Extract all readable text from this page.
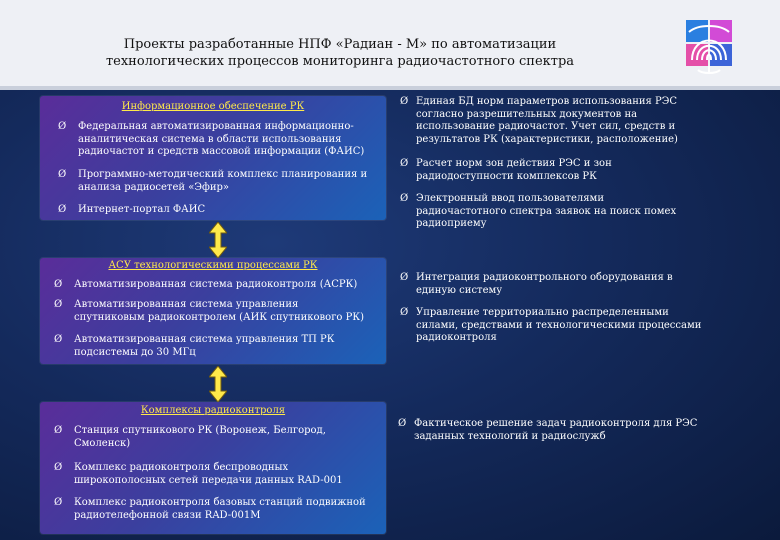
Проекты разработанные НПФ «Радиан - М» по автоматизации
технологических процессов мониторинга радиочастотного спектра
Информационное обеспечение РК
Ø Федеральная автоматизированная информационно-
аналитическая система в области использования
радиочастот и средств массовой информации (ФАИС)
Ø Программно-методический комплекс планирования и
анализа радиосетей «Эфир»
Ø Интернет-портал ФАИС
АСУ технологическими процессами РК
Ø Автоматизированная система радиоконтроля (АСРК)
Ø Автоматизированная система управления
спутниковым радиоконтролем (АИК спутникового РК)
Ø Автоматизированная система управления ТП РК
подсистемы до 30 МГц
Комплексы радиоконтроля
Ø Станция спутникового РК (Воронеж, Белгород,
Смоленск)
Ø Комплекс радиоконтроля беспроводных
широкополосных сетей передачи данных RAD-001
Ø Комплекс радиоконтроля базовых станций подвижной
радиотелефонной связи RAD-001M
Ø Единая БД норм параметров использования РЭС
согласно разрешительных документов на
использование радиочастот. Учет сил, средств и
результатов РК (характеристики, расположение)
Ø Расчет норм зон действия РЭС и зон
радиодоступности комплексов РК
Ø Электронный ввод пользователями
радиочастотного спектра заявок на поиск помех
радиоприему
Ø Интеграция радиоконтрольного оборудования в
единую систему
Ø Управление территориально распределенными
силами, средствами и технологическими процессами
радиоконтроля
Ø Фактическое решение задач радиоконтроля для РЭС
заданных технологий и радиослужб
